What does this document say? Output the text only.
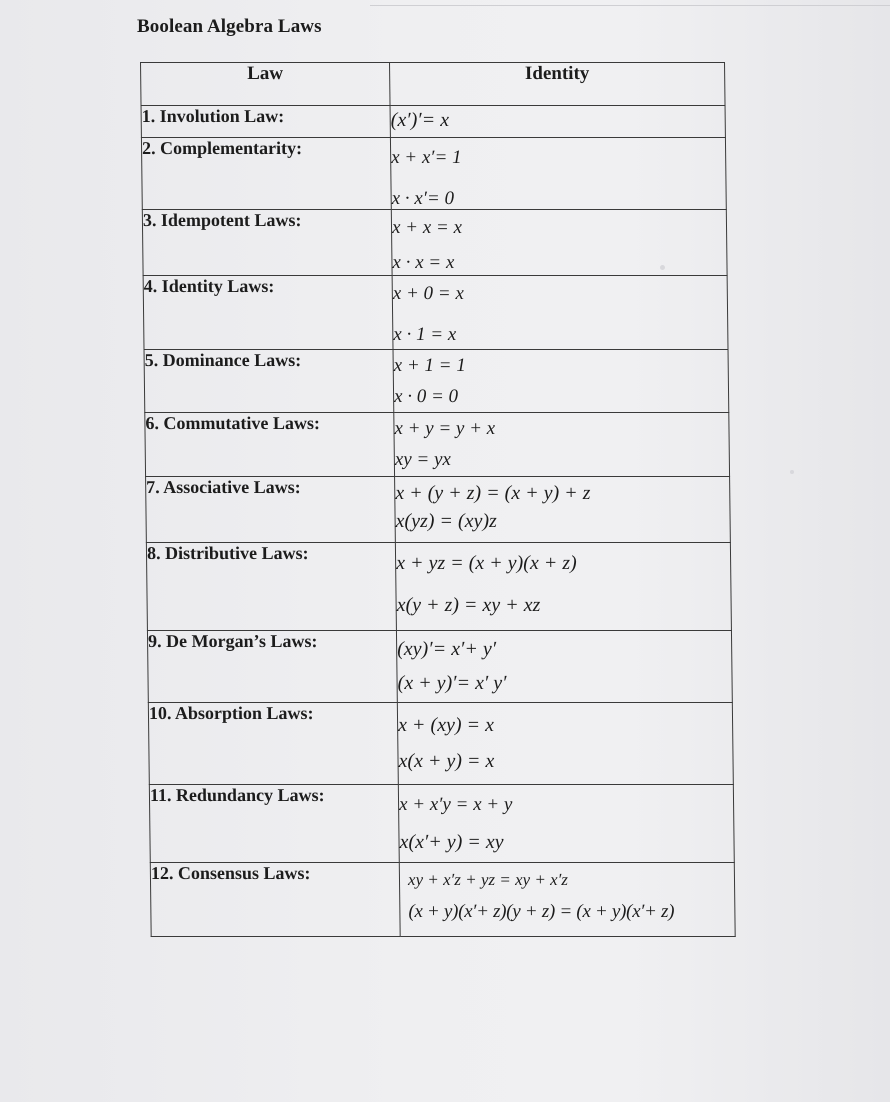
Boolean Algebra Laws
Law	Identity
1. Involution Law:	(x′)′= x
2. Complementarity:	x + x′= 1
x · x′= 0

3. Idempotent Laws:	x + x = x
x · x = x

4. Identity Laws:	x + 0 = x
x · 1 = x

5. Dominance Laws:	x + 1 = 1
x · 0 = 0

6. Commutative Laws:	x + y = y + x
xy = yx

7. Associative Laws:	x + (y + z) = (x + y) + z
x(yz) = (xy)z

8. Distributive Laws:	x + yz = (x + y)(x + z)
x(y + z) = xy + xz

9. De Morgan’s Laws:	(xy)′= x′+ y′
(x + y)′= x′ y′

10. Absorption Laws:	x + (xy) = x
x(x + y) = x

11. Redundancy Laws:	x + x′y = x + y
x(x′+ y) = xy

12. Consensus Laws:	xy + x′z + yz = xy + x′z
(x + y)(x′+ z)(y + z) = (x + y)(x′+ z)
